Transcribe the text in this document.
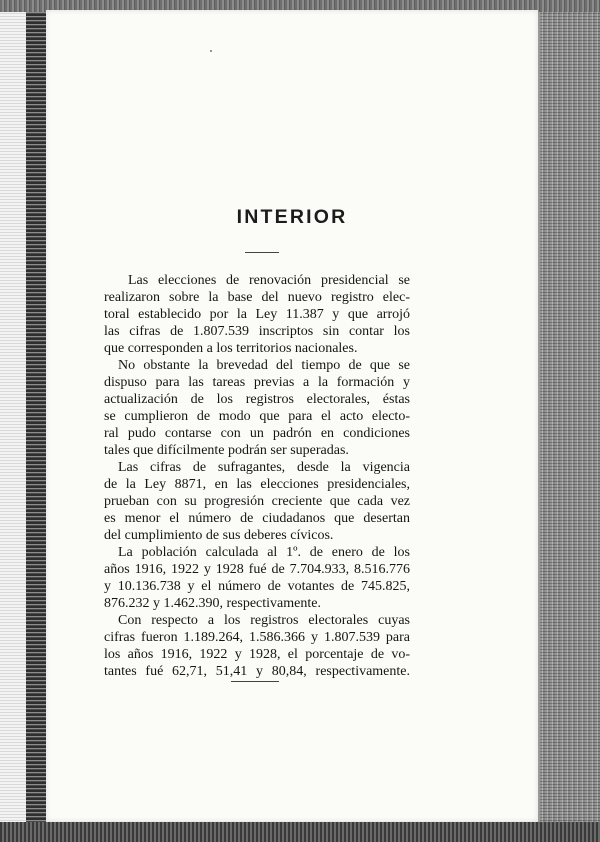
INTERIOR
Las elecciones de renovación presidencial se
realizaron sobre la base del nuevo registro elec-
toral establecido por la Ley 11.387 y que arrojó
las cifras de 1.807.539 inscriptos sin contar los
que corresponden a los territorios nacionales.
No obstante la brevedad del tiempo de que se
dispuso para las tareas previas a la formación y
actualización de los registros electorales, éstas
se cumplieron de modo que para el acto electo-
ral pudo contarse con un padrón en condiciones
tales que difícilmente podrán ser superadas.
Las cifras de sufragantes, desde la vigencia
de la Ley 8871, en las elecciones presidenciales,
prueban con su progresión creciente que cada vez
es menor el número de ciudadanos que desertan
del cumplimiento de sus deberes cívicos.
La población calculada al 1º. de enero de los
años 1916, 1922 y 1928 fué de 7.704.933, 8.516.776
y 10.136.738 y el número de votantes de 745.825,
876.232 y 1.462.390, respectivamente.
Con respecto a los registros electorales cuyas
cifras fueron 1.189.264, 1.586.366 y 1.807.539 para
los años 1916, 1922 y 1928, el porcentaje de vo-
tantes fué 62,71, 51,41 y 80,84, respectivamente.
